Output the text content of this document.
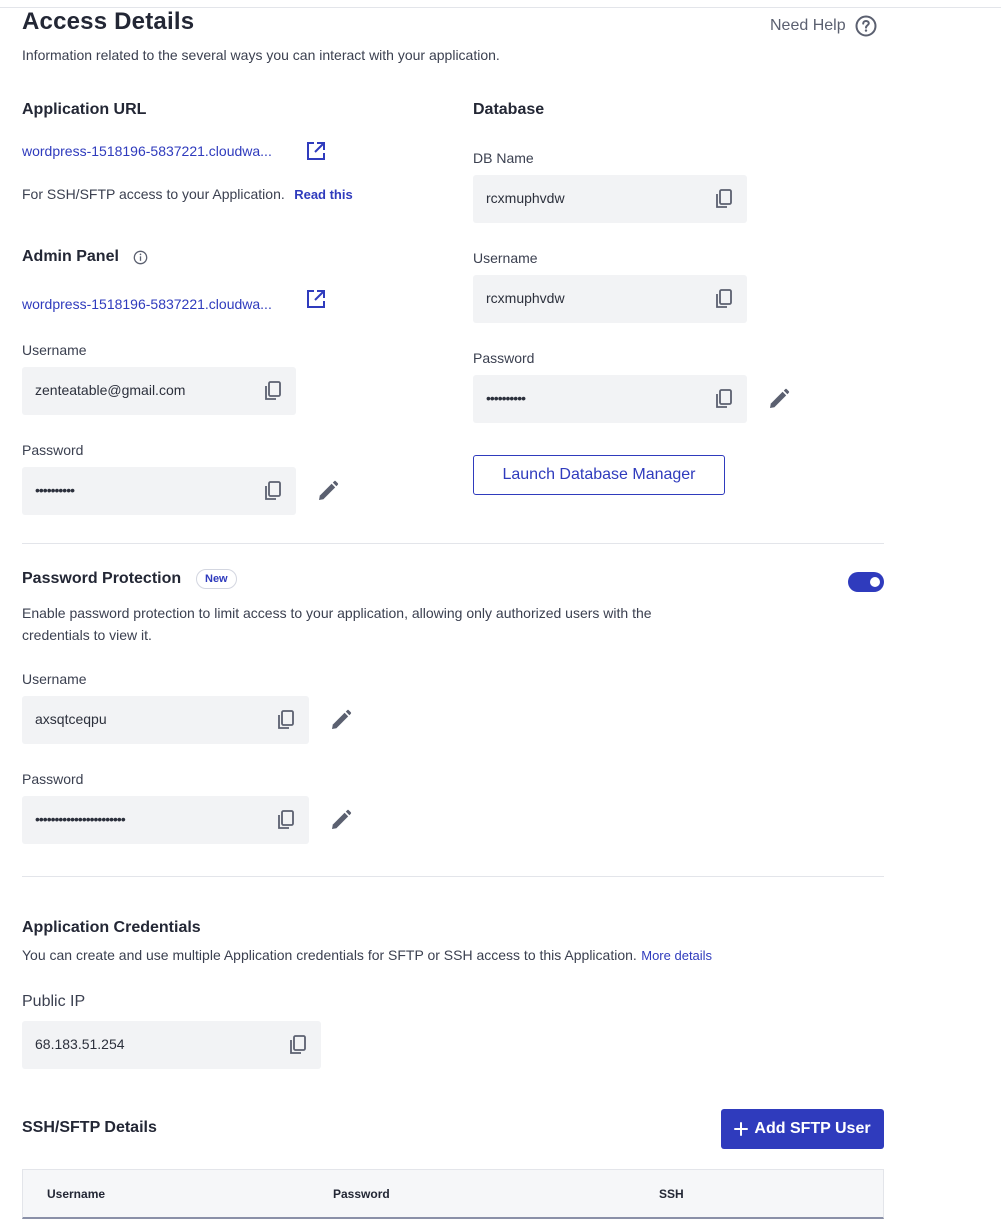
Access Details
Information related to the several ways you can interact with your application.
Need Help
Application URL
wordpress-1518196-5837221.cloudwa...
For SSH/SFTP access to your Application. Read this
Admin Panel
wordpress-1518196-5837221.cloudwa...
Username
zenteatable@gmail.com
Password
••••••••••
Database
DB Name
rcxmuphvdw
Username
rcxmuphvdw
Password
••••••••••
Launch Database Manager
Password Protection	New
Enable password protection to limit access to your application, allowing only authorized users with the
credentials to view it.
Username
axsqtceqpu
Password
•••••••••••••••••••••••
Application Credentials
You can create and use multiple Application credentials for SFTP or SSH access to this Application. More details
Public IP
68.183.51.254
SSH/SFTP Details	Add SFTP User
Username	Password	SSH
